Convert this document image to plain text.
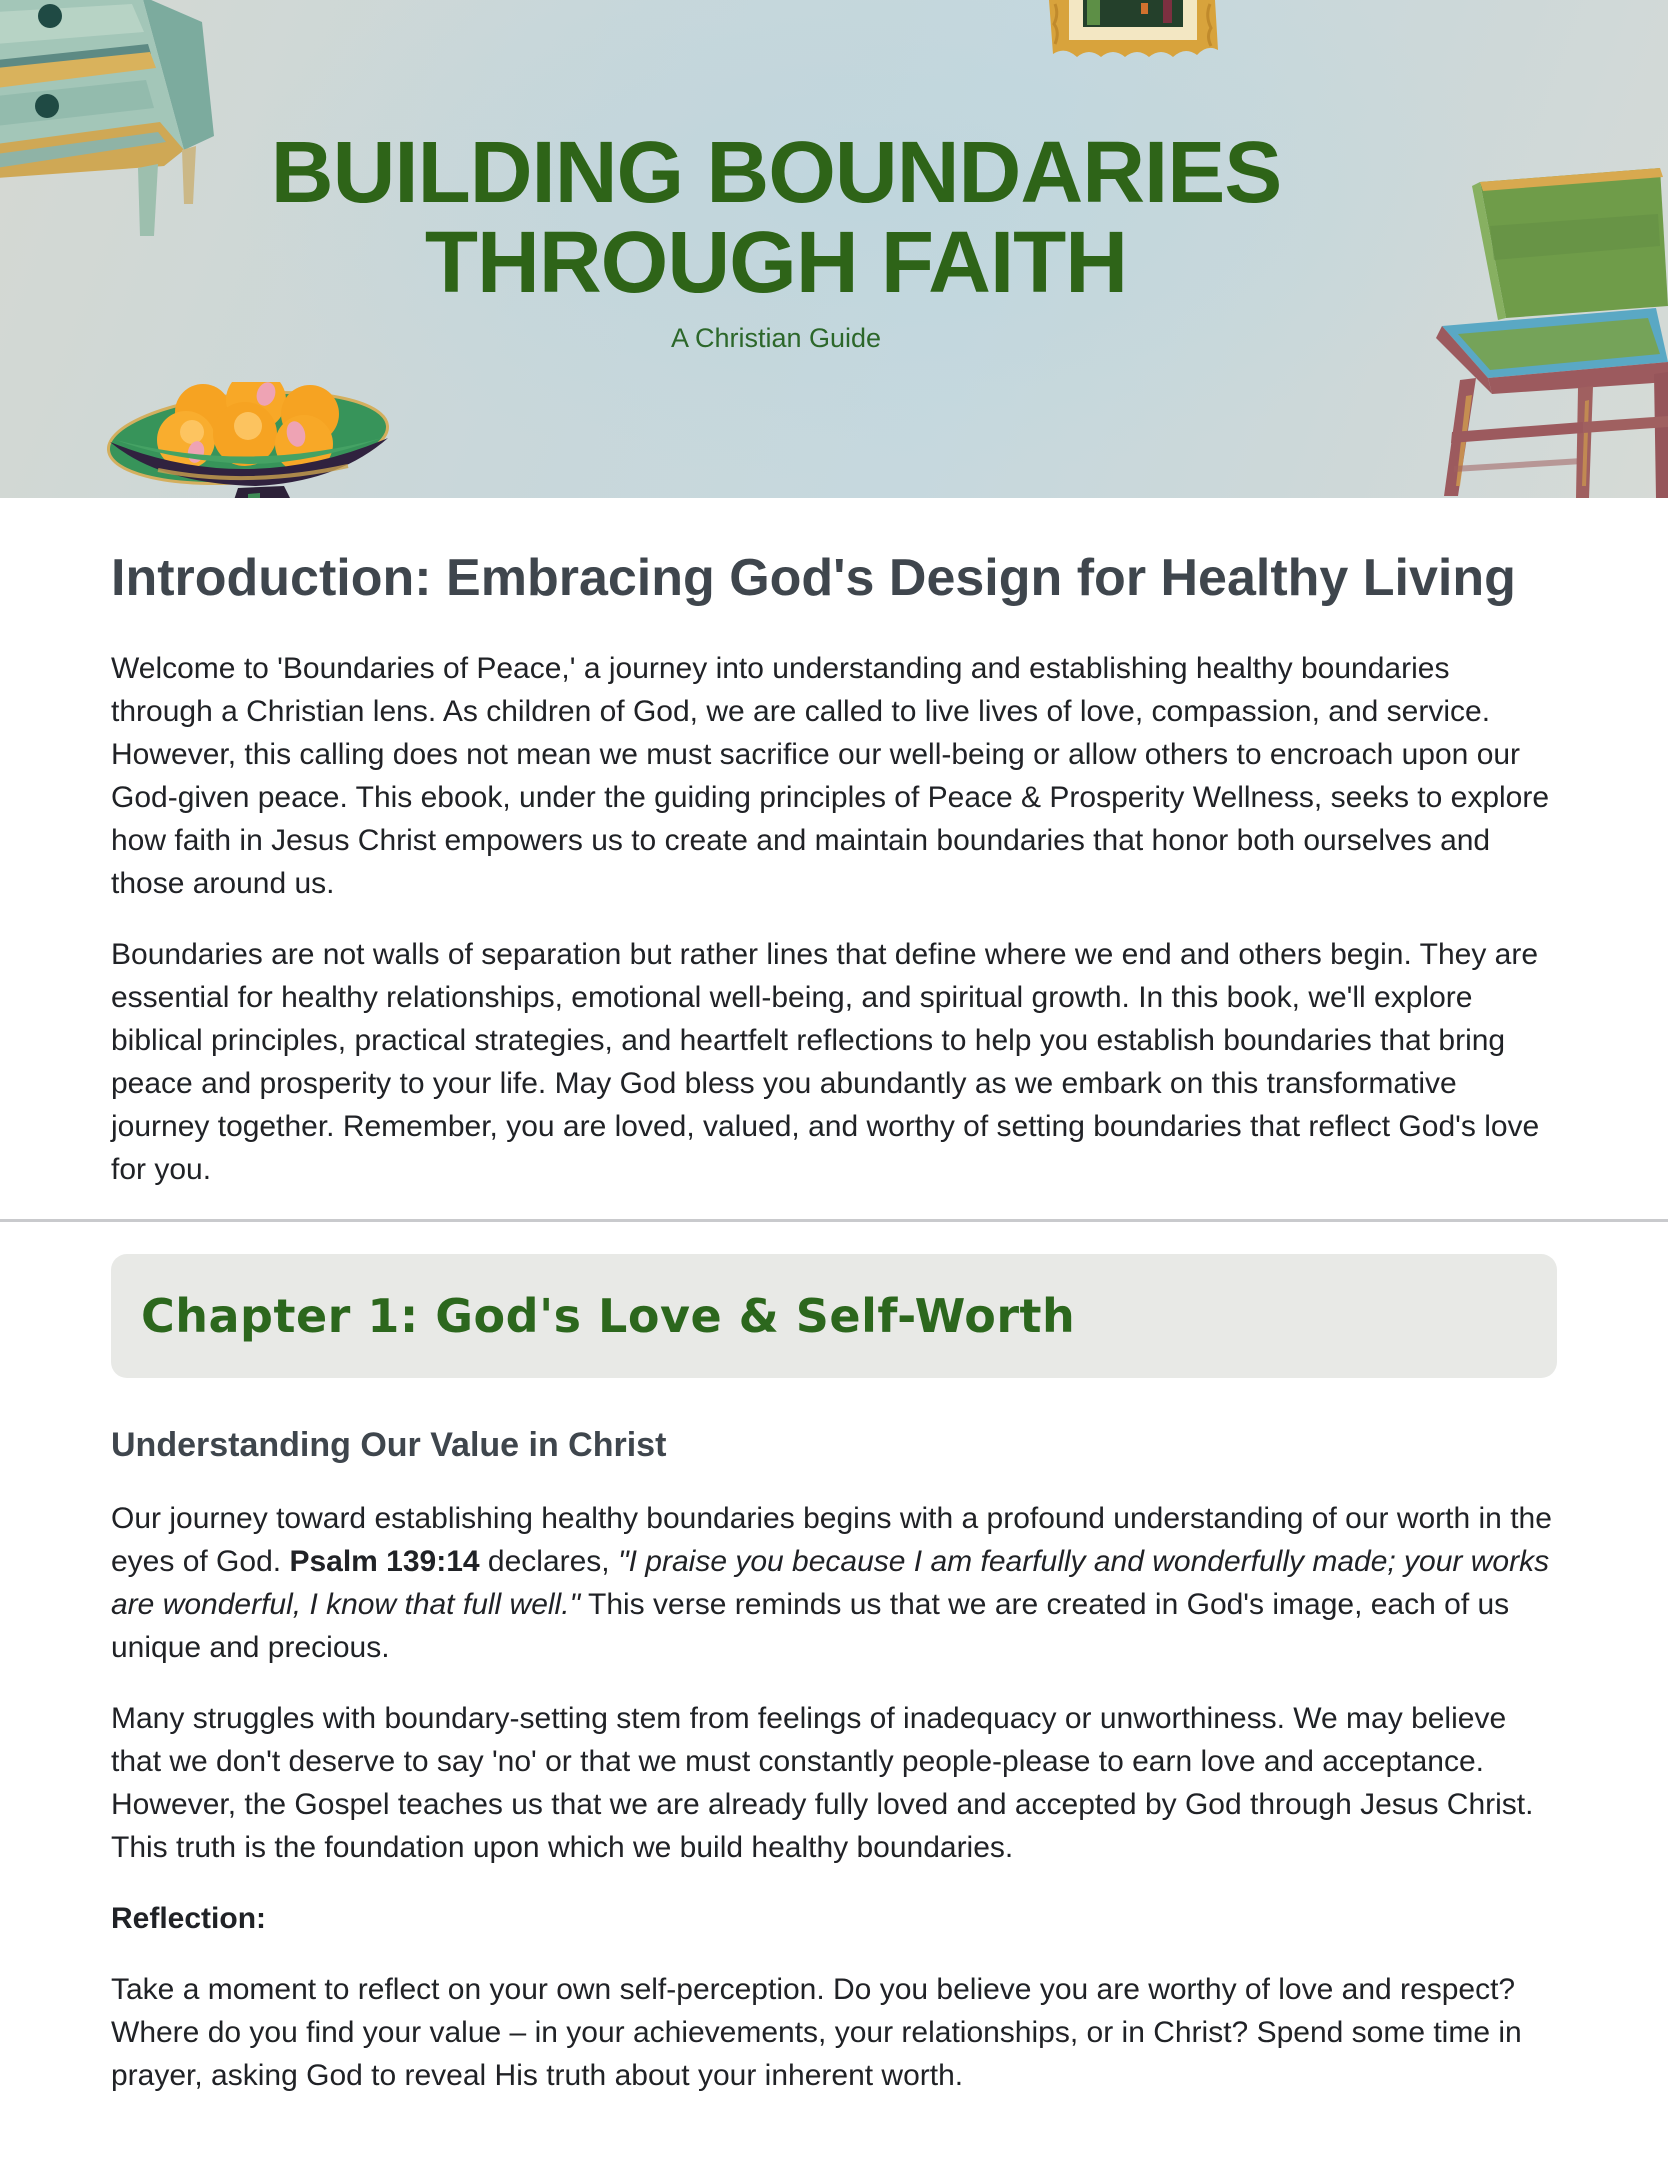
BUILDING BOUNDARIES
THROUGH FAITH
A Christian Guide
Introduction: Embracing God's Design for Healthy Living

Welcome to 'Boundaries of Peace,' a journey into understanding and establishing healthy boundaries through a Christian lens. As children of God, we are called to live lives of love, compassion, and service. However, this calling does not mean we must sacrifice our well-being or allow others to encroach upon our God-given peace. This ebook, under the guiding principles of Peace & Prosperity Wellness, seeks to explore how faith in Jesus Christ empowers us to create and maintain boundaries that honor both ourselves and those around us.

Boundaries are not walls of separation but rather lines that define where we end and others begin. They are essential for healthy relationships, emotional well-being, and spiritual growth. In this book, we'll explore biblical principles, practical strategies, and heartfelt reflections to help you establish boundaries that bring peace and prosperity to your life. May God bless you abundantly as we embark on this transformative journey together. Remember, you are loved, valued, and worthy of setting boundaries that reflect God's love for you.

Chapter 1: God's Love & Self-Worth
Understanding Our Value in Christ

Our journey toward establishing healthy boundaries begins with a profound understanding of our worth in the eyes of God. Psalm 139:14 declares, "I praise you because I am fearfully and wonderfully made; your works are wonderful, I know that full well." This verse reminds us that we are created in God's image, each of us unique and precious.

Many struggles with boundary-setting stem from feelings of inadequacy or unworthiness. We may believe that we don't deserve to say 'no' or that we must constantly people-please to earn love and acceptance. However, the Gospel teaches us that we are already fully loved and accepted by God through Jesus Christ. This truth is the foundation upon which we build healthy boundaries.

Reflection:

Take a moment to reflect on your own self-perception. Do you believe you are worthy of love and respect? Where do you find your value – in your achievements, your relationships, or in Christ? Spend some time in prayer, asking God to reveal His truth about your inherent worth.
